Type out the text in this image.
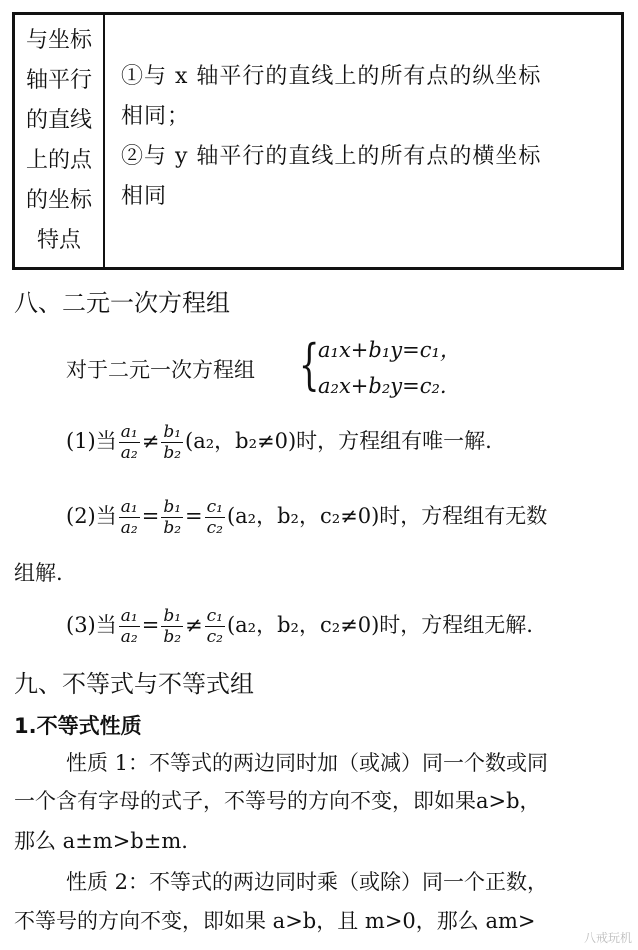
与坐标
轴平行
的直线
上的点
的坐标
特点
①与 x 轴平行的直线上的所有点的纵坐标
相同；
②与 y 轴平行的直线上的所有点的横坐标
相同
八、二元一次方程组
对于二元一次方程组 {
a₁x+b₁y=c₁，
a₂x+b₂y=c₂.
(1)当 $\frac{\text{a₁}}{\text{a₂}} \ne \frac{\text{b₁}}{\text{b₂}} (a_2$，b₂≠0)时，方程组有唯一解.
(2)当 $\frac{\text{a₁}}{\text{a₂}} = \frac{\text{b₁}}{\text{b₂}} = \frac{\text{c₁}}{\text{c₂}} (a_2$，b₂，c₂≠0)时，方程组有无数
组解.
(3)当 $\frac{\text{a₁}}{\text{a₂}} = \frac{\text{b₁}}{\text{b₂}} \ne \frac{\text{c₁}}{\text{c₂}} (a_2$，b₂，c₂≠0)时，方程组无解.
九、不等式与不等式组
1.不等式性质
性质 1：不等式的两边同时加（或减）同一个数或同
一个含有字母的式子，不等号的方向不变，即如果a>b，
那么 a±m>b±m.
性质 2：不等式的两边同时乘（或除）同一个正数，
不等号的方向不变，即如果 a>b，且 m>0，那么 am>
八戒玩机
